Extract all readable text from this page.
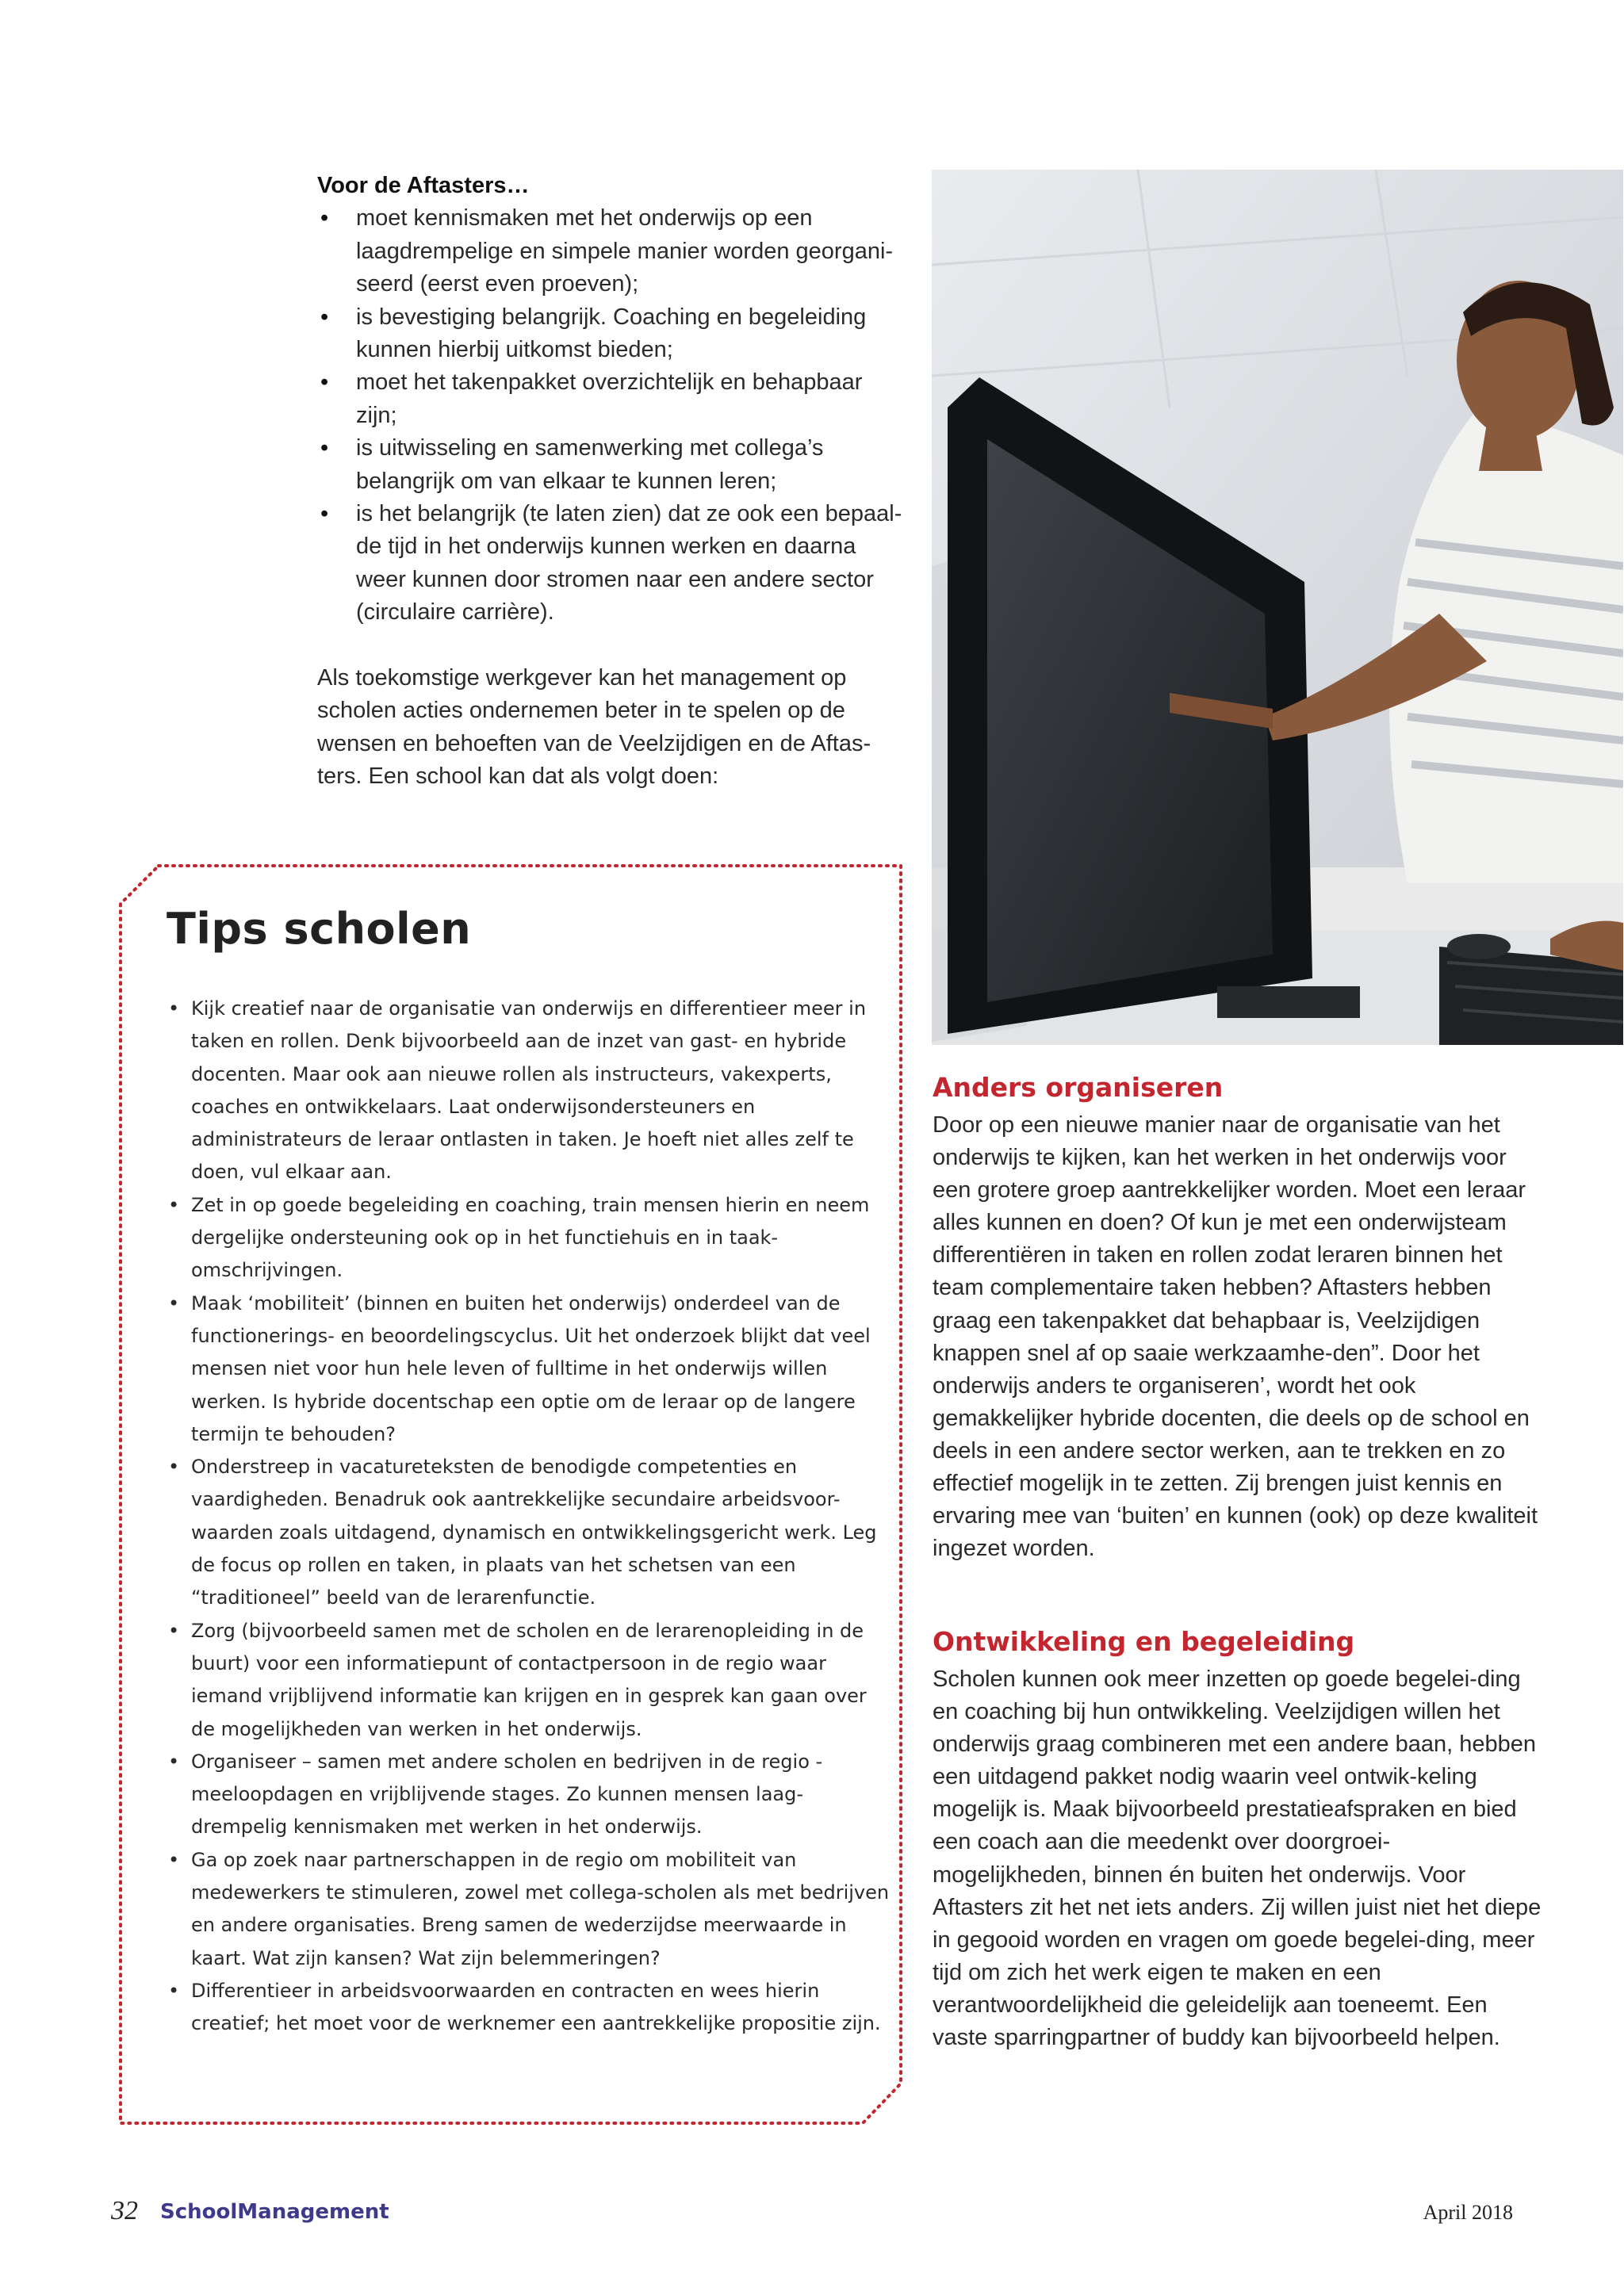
Voor de Aftasters…

• moet kennismaken met het onderwijs op een laagdrempelige en simpele manier worden georgani-seerd (eerst even proeven);
• is bevestiging belangrijk. Coaching en begeleiding kunnen hierbij uitkomst bieden;
• moet het takenpakket overzichtelijk en behapbaar zijn;
• is uitwisseling en samenwerking met collega’s belangrijk om van elkaar te kunnen leren;
• is het belangrijk (te laten zien) dat ze ook een bepaal-de tijd in het onderwijs kunnen werken en daarna weer kunnen door stromen naar een andere sector (circulaire carrière).

Als toekomstige werkgever kan het management op scholen acties ondernemen beter in te spelen op de wensen en behoeften van de Veelzijdigen en de Aftas-ters. Een school kan dat als volgt doen:

Tips scholen
• Kijk creatief naar de organisatie van onderwijs en differentieer meer in taken en rollen. Denk bijvoorbeeld aan de inzet van gast- en hybride docenten. Maar ook aan nieuwe rollen als instructeurs, vakexperts, coaches en ontwikkelaars. Laat onderwijsondersteuners en administrateurs de leraar ontlasten in taken. Je hoeft niet alles zelf te doen, vul elkaar aan.
• Zet in op goede begeleiding en coaching, train mensen hierin en neem dergelijke ondersteuning ook op in het functiehuis en in taak-omschrijvingen.
• Maak ‘mobiliteit’ (binnen en buiten het onderwijs) onderdeel van de functionerings- en beoordelingscyclus. Uit het onderzoek blijkt dat veel mensen niet voor hun hele leven of fulltime in het onderwijs willen werken. Is hybride docentschap een optie om de leraar op de langere termijn te behouden?
• Onderstreep in vacatureteksten de benodigde competenties en vaardigheden. Benadruk ook aantrekkelijke secundaire arbeidsvoor-waarden zoals uitdagend, dynamisch en ontwikkelingsgericht werk. Leg de focus op rollen en taken, in plaats van het schetsen van een “traditioneel” beeld van de lerarenfunctie.
• Zorg (bijvoorbeeld samen met de scholen en de lerarenopleiding in de buurt) voor een informatiepunt of contactpersoon in de regio waar iemand vrijblijvend informatie kan krijgen en in gesprek kan gaan over de mogelijkheden van werken in het onderwijs.
• Organiseer – samen met andere scholen en bedrijven in de regio - meeloopdagen en vrijblijvende stages. Zo kunnen mensen laag-drempelig kennismaken met werken in het onderwijs.
• Ga op zoek naar partnerschappen in de regio om mobiliteit van medewerkers te stimuleren, zowel met collega-scholen als met bedrijven en andere organisaties. Breng samen de wederzijdse meerwaarde in kaart. Wat zijn kansen? Wat zijn belemmeringen?
• Differentieer in arbeidsvoorwaarden en contracten en wees hierin creatief; het moet voor de werknemer een aantrekkelijke propositie zijn.
Anders organiseren

Door op een nieuwe manier naar de organisatie van het onderwijs te kijken, kan het werken in het onderwijs voor een grotere groep aantrekkelijker worden. Moet een leraar alles kunnen en doen? Of kun je met een onderwijsteam differentiëren in taken en rollen zodat leraren binnen het team complementaire taken hebben? Aftasters hebben graag een takenpakket dat behapbaar is, Veelzijdigen knappen snel af op saaie werkzaamhe-den”. Door het onderwijs anders te organiseren’, wordt het ook gemakkelijker hybride docenten, die deels op de school en deels in een andere sector werken, aan te trekken en zo effectief mogelijk in te zetten. Zij brengen juist kennis en ervaring mee van ‘buiten’ en kunnen (ook) op deze kwaliteit ingezet worden.

Ontwikkeling en begeleiding

Scholen kunnen ook meer inzetten op goede begelei-ding en coaching bij hun ontwikkeling. Veelzijdigen willen het onderwijs graag combineren met een andere baan, hebben een uitdagend pakket nodig waarin veel ontwik-keling mogelijk is. Maak bijvoorbeeld prestatieafspraken en bied een coach aan die meedenkt over doorgroei-mogelijkheden, binnen én buiten het onderwijs. Voor Aftasters zit het net iets anders. Zij willen juist niet het diepe in gegooid worden en vragen om goede begelei-ding, meer tijd om zich het werk eigen te maken en een verantwoordelijkheid die geleidelijk aan toeneemt. Een vaste sparringpartner of buddy kan bijvoorbeeld helpen.

32 SchoolManagement	April 2018
